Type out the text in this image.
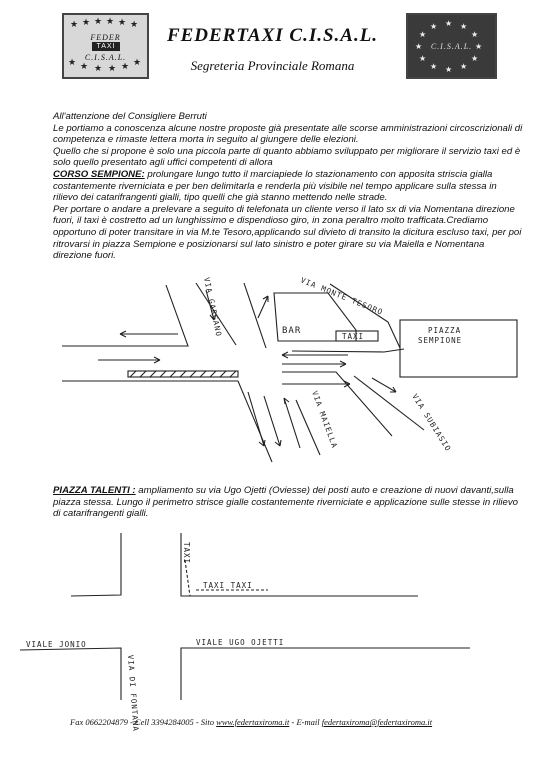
★ ★ ★ ★ ★ ★
★ ★ ★ ★ ★ ★
FEDER
TAXI
C.I.S.A.L.
FEDERTAXI C.I.S.A.L.
Segreteria Provinciale Romana
★ ★
★
★
★
★
★
★
★
★
★
★
C.I.S.A.L.
All'attenzione del Consigliere Berruti
Le portiamo a conoscenza alcune nostre proposte già presentate alle scorse amministrazioni circoscrizionali di competenza e rimaste lettera morta in seguito al giungere delle elezioni.
Quello che si propone è solo una piccola parte di quanto abbiamo sviluppato per migliorare il servizio taxi ed è solo quello presentato agli uffici competenti di allora
CORSO SEMPIONE: prolungare lungo tutto il marciapiede lo stazionamento con apposita striscia gialla costantemente riverniciata e per ben delimitarla e renderla più visibile nel tempo applicare sulla stessa in rilievo dei catarifrangenti gialli, tipo quelli che già stanno mettendo nelle strade.
Per portare o andare a prelevare a seguito di telefonata un cliente verso il lato sx di via Nomentana direzione fuori, il taxi è costretto ad un lunghissimo e dispendioso giro, in zona peraltro molto trafficata.Crediamo opportuno di poter transitare in via M.te Tesoro,applicando sul divieto di transito la dicitura escluso taxi, per poi ritrovarsi in piazza Sempione e posizionarsi sul lato sinistro e poter girare su via Maiella e Nomentana direzione fuori.
VIA GARGANO	VIA MONTE TESORO
BAR
TAXI
PIAZZA
SEMPIONE
VIA MAIELLA	VIA SUBIASIO
PIAZZA TALENTI : ampliamento su via Ugo Ojetti (Oviesse) dei posti auto e creazione di nuovi davanti,sulla piazza stessa. Lungo il perimetro strisce gialle costantemente riverniciate e applicazione sulle stesse in rilievo di catarifrangenti gialli.
TAXI
TAXI TAXI
VIALE JONIO
VIA DI FONTANA
VIALE UGO OJETTI
Fax 0662204879 - Cell 3394284005 - Sito www.federtaxiroma.it - E-mail federtaxiroma@federtaxiroma.it
